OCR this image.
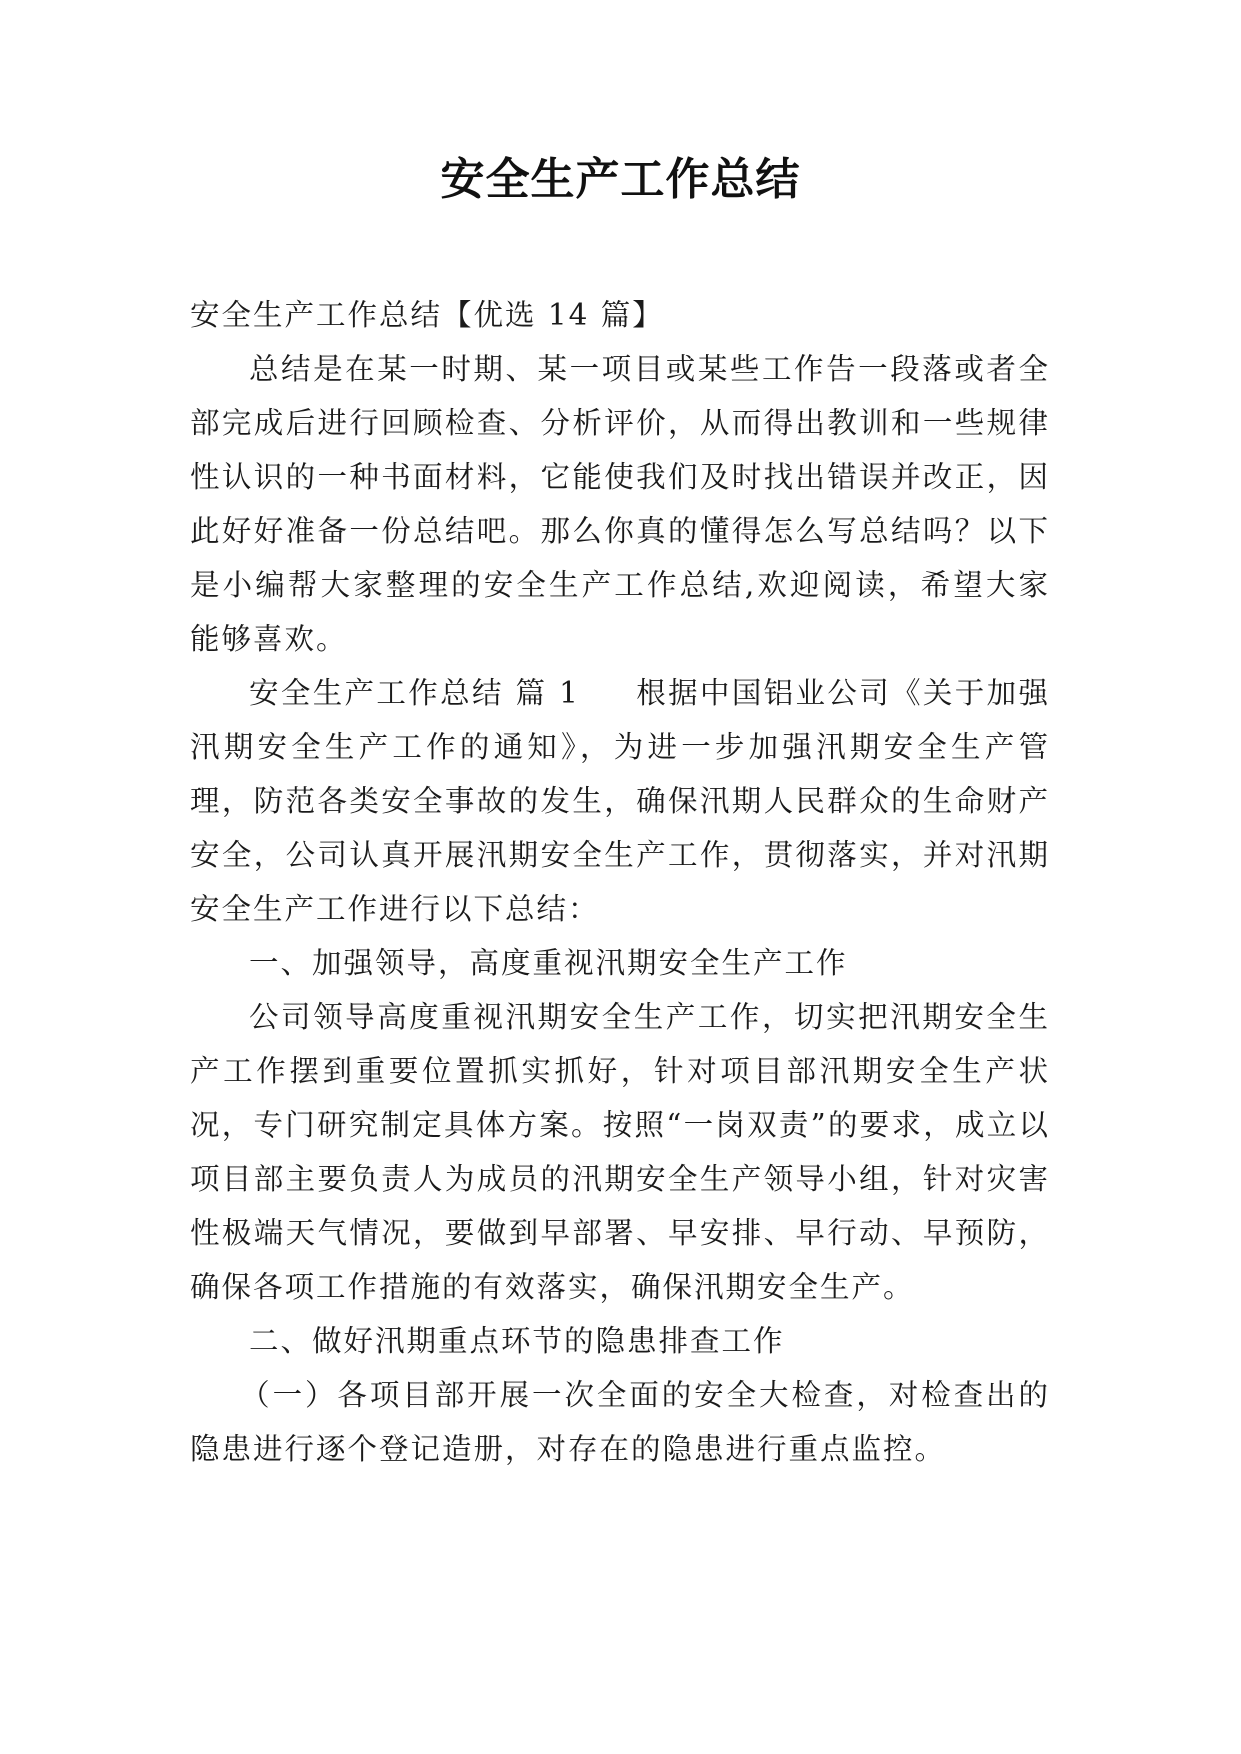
安全生产工作总结

安全生产工作总结【优选 14 篇】

总结是在某一时期、某一项目或某些工作告一段落或者全部完成后进行回顾检查、分析评价，从而得出教训和一些规律性认识的一种书面材料，它能使我们及时找出错误并改正，因此好好准备一份总结吧。那么你真的懂得怎么写总结吗？以下是小编帮大家整理的安全生产工作总结,欢迎阅读，希望大家能够喜欢。

安全生产工作总结 篇 1 根据中国铝业公司《关于加强汛期安全生产工作的通知》，为进一步加强汛期安全生产管理，防范各类安全事故的发生，确保汛期人民群众的生命财产安全，公司认真开展汛期安全生产工作，贯彻落实，并对汛期安全生产工作进行以下总结：

一、加强领导，高度重视汛期安全生产工作

公司领导高度重视汛期安全生产工作，切实把汛期安全生产工作摆到重要位置抓实抓好，针对项目部汛期安全生产状况，专门研究制定具体方案。按照“一岗双责”的要求，成立以项目部主要负责人为成员的汛期安全生产领导小组，针对灾害性极端天气情况，要做到早部署、早安排、早行动、早预防，确保各项工作措施的有效落实，确保汛期安全生产。

二、做好汛期重点环节的隐患排查工作

（一）各项目部开展一次全面的安全大检查，对检查出的隐患进行逐个登记造册，对存在的隐患进行重点监控。
